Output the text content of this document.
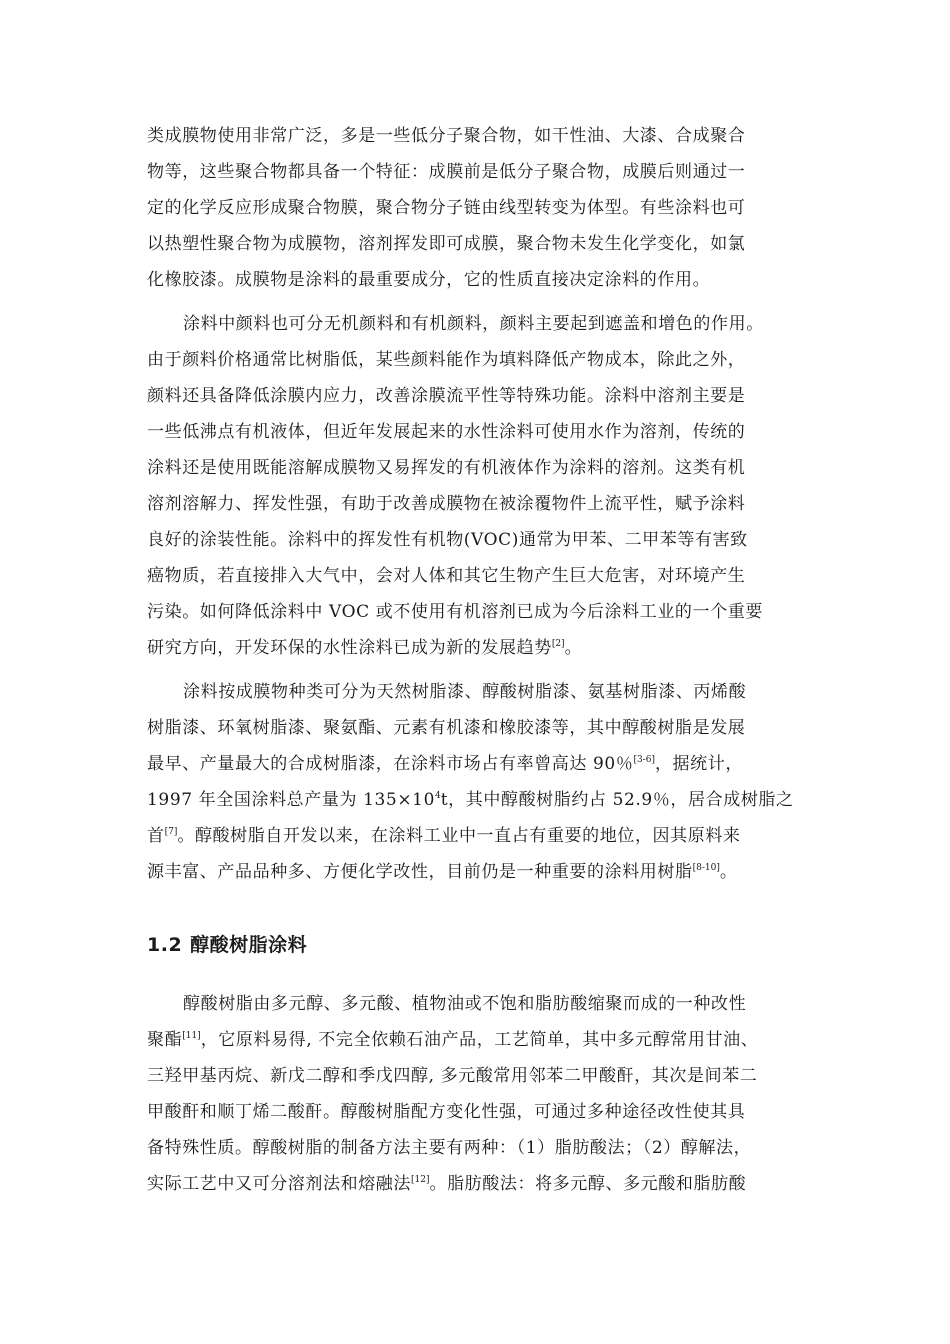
类成膜物使用非常广泛，多是一些低分子聚合物，如干性油、大漆、合成聚合
物等，这些聚合物都具备一个特征：成膜前是低分子聚合物，成膜后则通过一
定的化学反应形成聚合物膜，聚合物分子链由线型转变为体型。有些涂料也可
以热塑性聚合物为成膜物，溶剂挥发即可成膜，聚合物未发生化学变化，如氯
化橡胶漆。成膜物是涂料的最重要成分，它的性质直接决定涂料的作用。
涂料中颜料也可分无机颜料和有机颜料，颜料主要起到遮盖和增色的作用。
由于颜料价格通常比树脂低，某些颜料能作为填料降低产物成本，除此之外，
颜料还具备降低涂膜内应力，改善涂膜流平性等特殊功能。涂料中溶剂主要是
一些低沸点有机液体，但近年发展起来的水性涂料可使用水作为溶剂，传统的
涂料还是使用既能溶解成膜物又易挥发的有机液体作为涂料的溶剂。这类有机
溶剂溶解力、挥发性强，有助于改善成膜物在被涂覆物件上流平性，赋予涂料
良好的涂装性能。涂料中的挥发性有机物(VOC)通常为甲苯、二甲苯等有害致
癌物质，若直接排入大气中，会对人体和其它生物产生巨大危害，对环境产生
污染。如何降低涂料中 VOC 或不使用有机溶剂已成为今后涂料工业的一个重要
研究方向，开发环保的水性涂料已成为新的发展趋势[2]。
涂料按成膜物种类可分为天然树脂漆、醇酸树脂漆、氨基树脂漆、丙烯酸
树脂漆、环氧树脂漆、聚氨酯、元素有机漆和橡胶漆等，其中醇酸树脂是发展
最早、产量最大的合成树脂漆，在涂料市场占有率曾高达 90％[3-6]，据统计，
1997 年全国涂料总产量为 $135\times 10^4t$，其中醇酸树脂约占 52.9％，居合成树脂之
首[7]。醇酸树脂自开发以来，在涂料工业中一直占有重要的地位，因其原料来
源丰富、产品品种多、方便化学改性，目前仍是一种重要的涂料用树脂[8-10]。
1.2 醇酸树脂涂料
醇酸树脂由多元醇、多元酸、植物油或不饱和脂肪酸缩聚而成的一种改性
聚酯[11]，它原料易得, 不完全依赖石油产品，工艺简单，其中多元醇常用甘油、
三羟甲基丙烷、新戊二醇和季戊四醇, 多元酸常用邻苯二甲酸酐，其次是间苯二
甲酸酐和顺丁烯二酸酐。醇酸树脂配方变化性强，可通过多种途径改性使其具
备特殊性质。醇酸树脂的制备方法主要有两种：（1）脂肪酸法；（2）醇解法，
实际工艺中又可分溶剂法和熔融法[12]。脂肪酸法：将多元醇、多元酸和脂肪酸
